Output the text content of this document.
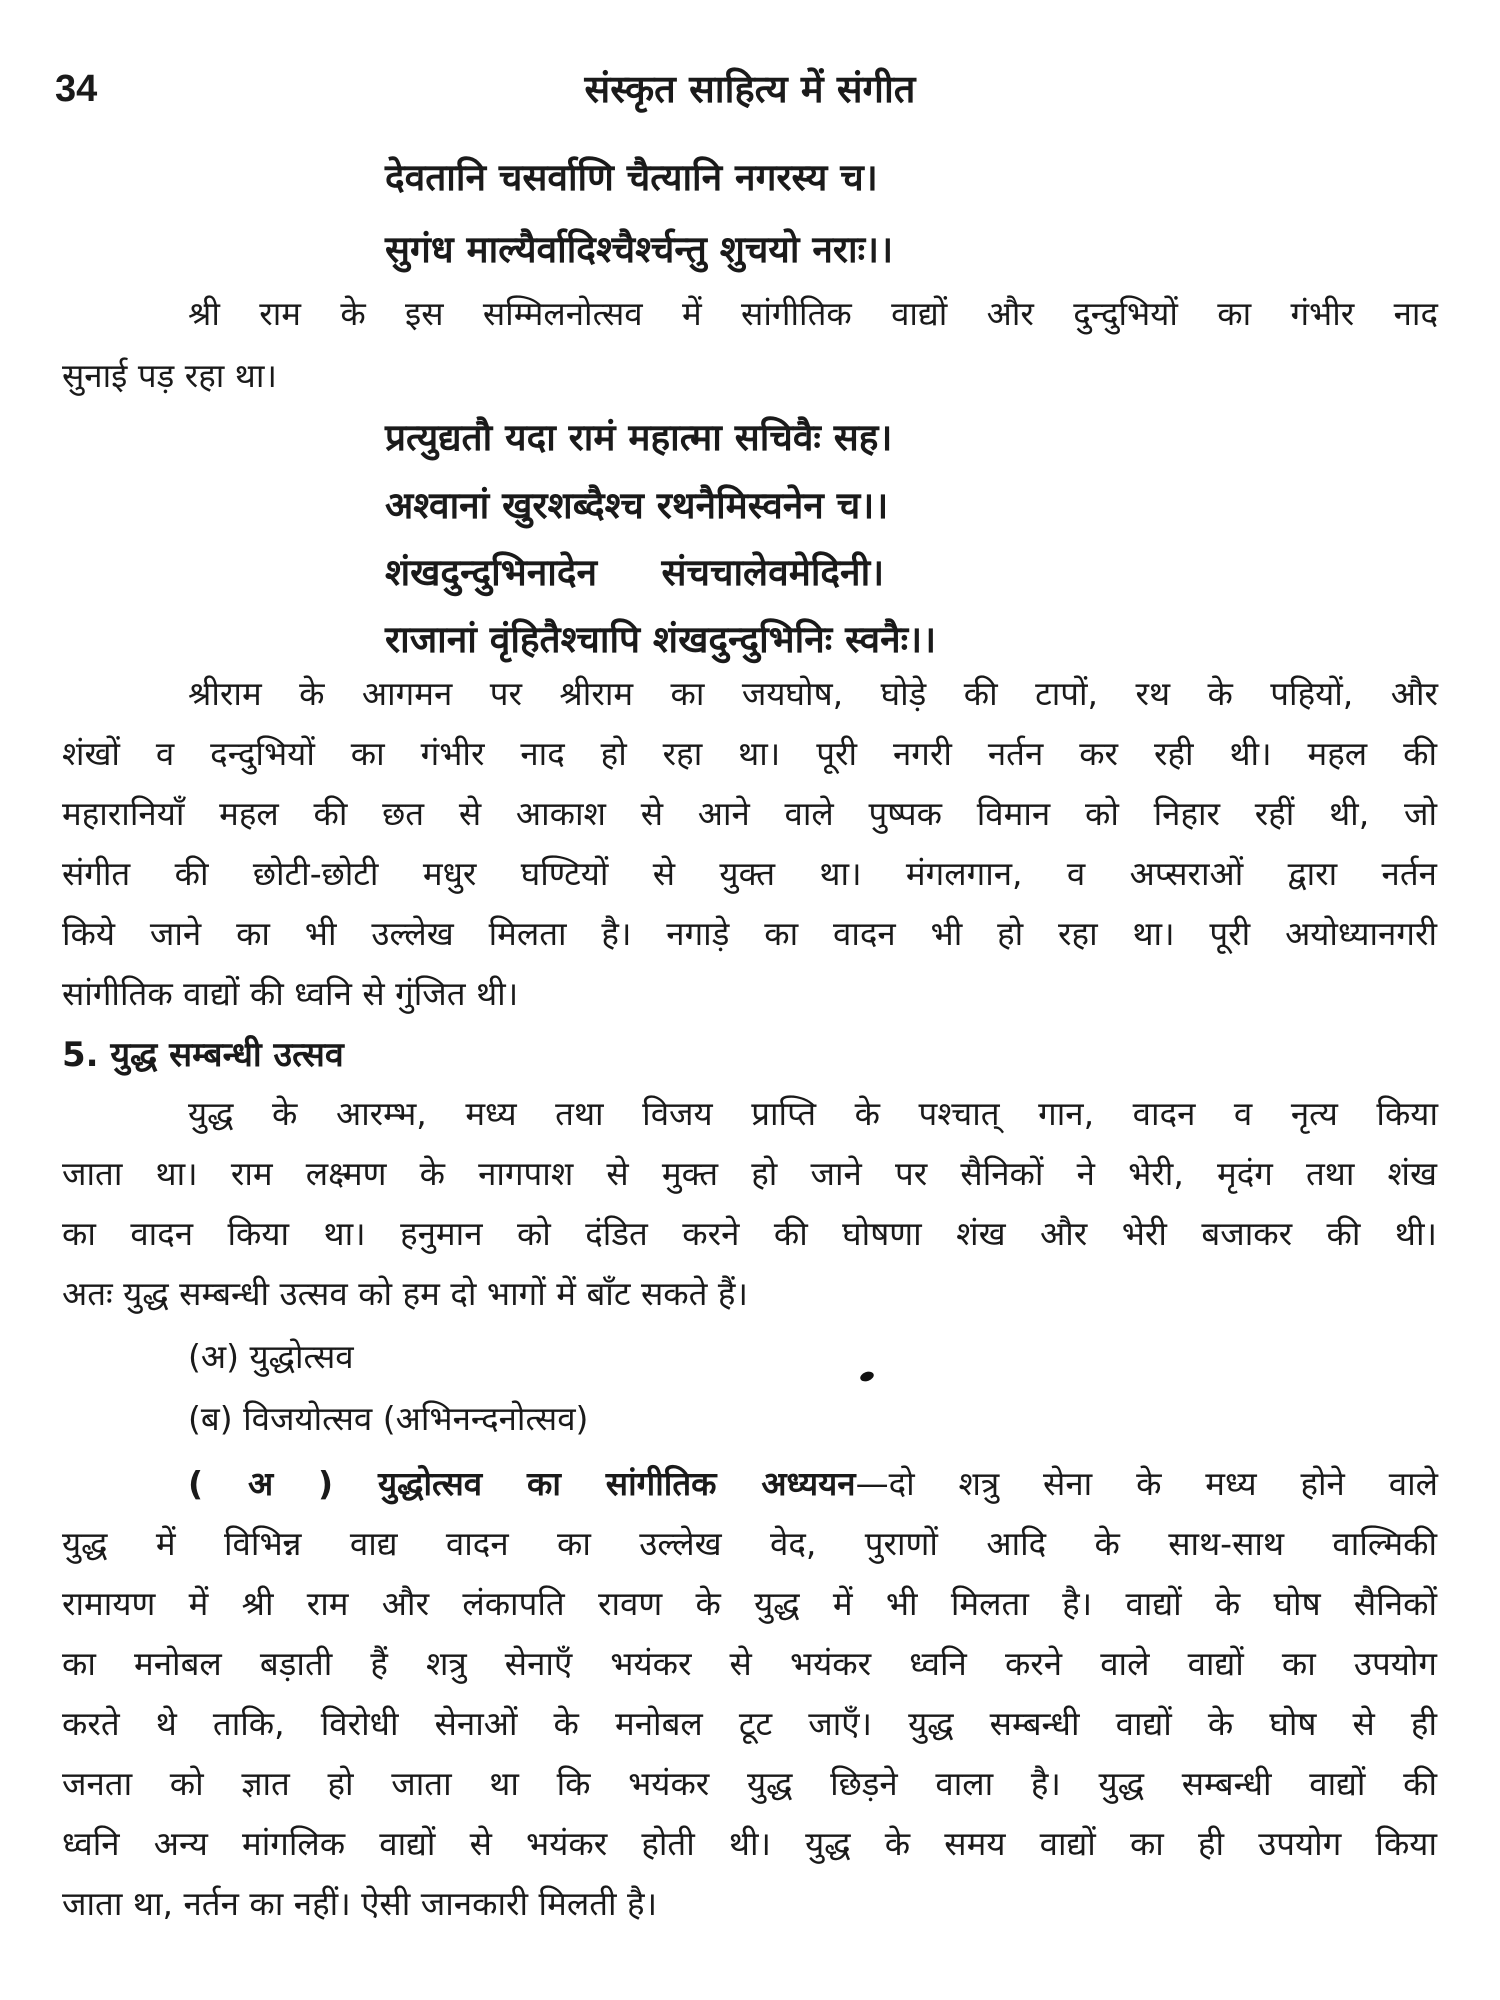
34	संस्कृत साहित्य में संगीत
देवतानि चसर्वाणि चैत्यानि नगरस्य च।
सुगंध माल्यैर्वादिश्चैर्श्चन्तु शुचयो नराः।।
श्री राम के इस सम्मिलनोत्सव में सांगीतिक वाद्यों और दुन्दुभियों का गंभीर नाद
सुनाई पड़ रहा था।
प्रत्युद्यतौ यदा रामं महात्मा सचिवैः सह।
अश्वानां खुरशब्दैश्च रथनैमिस्वनेन च।।
शंखदुन्दुभिनादेन     संचचालेवमेदिनी।
राजानां वृंहितैश्चापि शंखदुन्दुभिनिः स्वनैः।।
श्रीराम के आगमन पर श्रीराम का जयघोष, घोड़े की टापों, रथ के पहियों, और
शंखों व दन्दुभियों का गंभीर नाद हो रहा था। पूरी नगरी नर्तन कर रही थी। महल की
महारानियाँ महल की छत से आकाश से आने वाले पुष्पक विमान को निहार रहीं थी, जो
संगीत की छोटी-छोटी मधुर घण्टियों से युक्त था। मंगलगान, व अप्सराओं द्वारा नर्तन
किये जाने का भी उल्लेख मिलता है। नगाड़े का वादन भी हो रहा था। पूरी अयोध्यानगरी
सांगीतिक वाद्यों की ध्वनि से गुंजित थी।
5. युद्ध सम्बन्धी उत्सव
युद्ध के आरम्भ, मध्य तथा विजय प्राप्ति के पश्चात् गान, वादन व नृत्य किया
जाता था। राम लक्ष्मण के नागपाश से मुक्त हो जाने पर सैनिकों ने भेरी, मृदंग तथा शंख
का वादन किया था। हनुमान को दंडित करने की घोषणा शंख और भेरी बजाकर की थी।
अतः युद्ध सम्बन्धी उत्सव को हम दो भागों में बाँट सकते हैं।
(अ) युद्धोत्सव
(ब) विजयोत्सव (अभिनन्दनोत्सव)
( अ ) युद्धोत्सव का सांगीतिक अध्ययन—दो शत्रु सेना के मध्य होने वाले
युद्ध में विभिन्न वाद्य वादन का उल्लेख वेद, पुराणों आदि के साथ-साथ वाल्मिकी
रामायण में श्री राम और लंकापति रावण के युद्ध में भी मिलता है। वाद्यों के घोष सैनिकों
का मनोबल बड़ाती हैं शत्रु सेनाएँ भयंकर से भयंकर ध्वनि करने वाले वाद्यों का उपयोग
करते थे ताकि, विरोधी सेनाओं के मनोबल टूट जाएँ। युद्ध सम्बन्धी वाद्यों के घोष से ही
जनता को ज्ञात हो जाता था कि भयंकर युद्ध छिड़ने वाला है। युद्ध सम्बन्धी वाद्यों की
ध्वनि अन्य मांगलिक वाद्यों से भयंकर होती थी। युद्ध के समय वाद्यों का ही उपयोग किया
जाता था, नर्तन का नहीं। ऐसी जानकारी मिलती है।
